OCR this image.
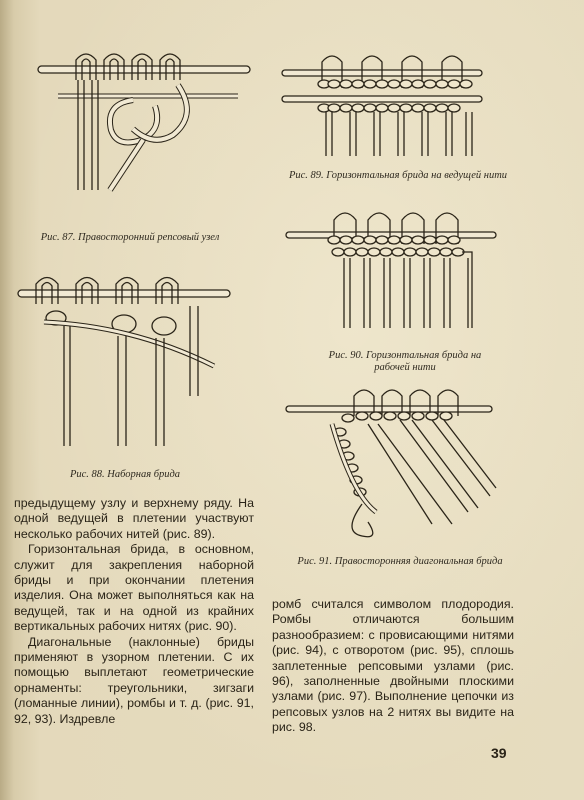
Рис. 87. Правосторонний репсовый узел
Рис. 88. Наборная брида
Рис. 89. Горизонтальная брида на ведущей нити
Рис. 90. Горизонтальная брида на рабочей нити
Рис. 91. Правосторонняя диагональная брида

предыдущему узлу и верхнему ряду. На одной ведущей в плетении участвуют несколько рабочих нитей (рис. 89).

Горизонтальная брида, в основном, служит для закрепления наборной бриды и при окончании плетения изделия. Она может выполняться как на ведущей, так и на одной из крайних вертикальных рабочих нитях (рис. 90).

Диагональные (наклонные) бриды применяют в узорном плетении. С их помощью выплетают геометрические орнаменты: треугольники, зигзаги (ломанные линии), ромбы и т. д. (рис. 91, 92, 93). Издревле

ромб считался символом плодородия. Ромбы отличаются большим разнообразием: с провисающими нитями (рис. 94), с отворотом (рис. 95), сплошь заплетенные репсовыми узлами (рис. 96), заполненные двойными плоскими узлами (рис. 97). Выполнение цепочки из репсовых узлов на 2 нитях вы видите на рис. 98.

39
